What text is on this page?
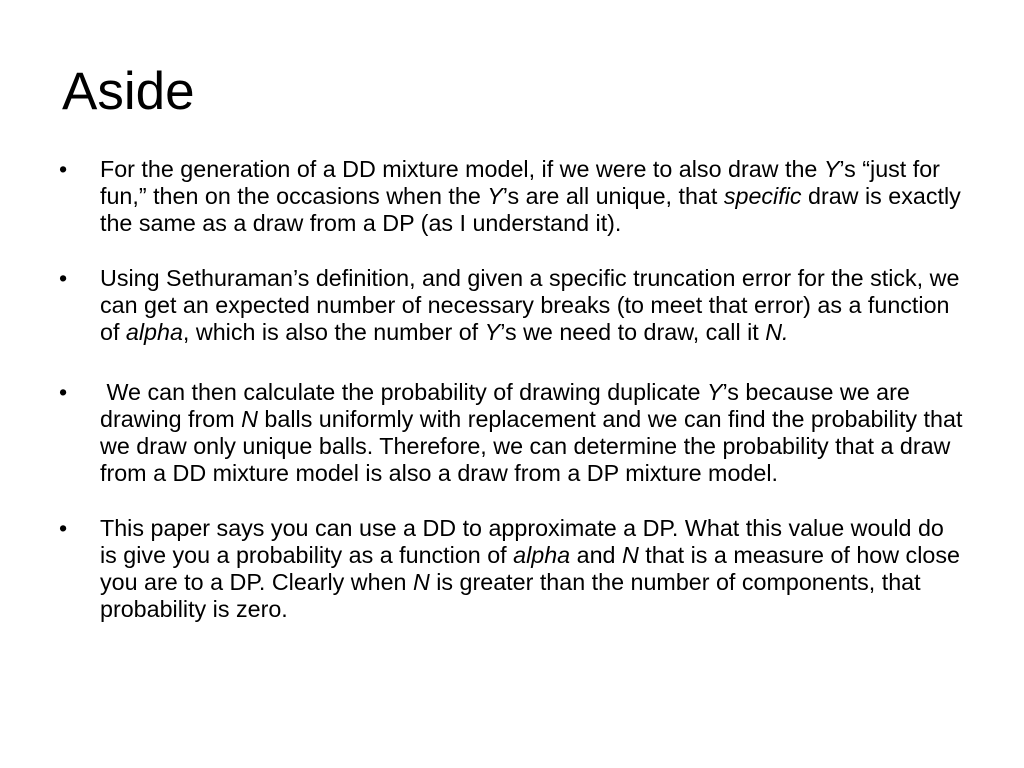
Aside
• For the generation of a DD mixture model, if we were to also draw the Y’s “just for fun,” then on the occasions when the Y’s are all unique, that specific draw is exactly the same as a draw from a DP (as I understand it).
• Using Sethuraman’s definition, and given a specific truncation error for the stick, we can get an expected number of necessary breaks (to meet that error) as a function of alpha, which is also the number of Y’s we need to draw, call it N.
• We can then calculate the probability of drawing duplicate Y’s because we are drawing from N balls uniformly with replacement and we can find the probability that we draw only unique balls. Therefore, we can determine the probability that a draw from a DD mixture model is also a draw from a DP mixture model.
• This paper says you can use a DD to approximate a DP. What this value would do is give you a probability as a function of alpha and N that is a measure of how close you are to a DP. Clearly when N is greater than the number of components, that probability is zero.
